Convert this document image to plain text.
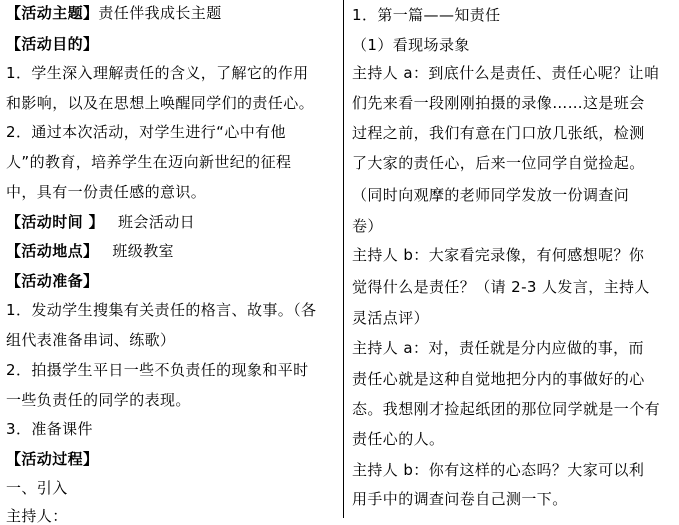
【活动主题】责任伴我成长主题
【活动目的】
1．学生深入理解责任的含义，了解它的作用
和影响，以及在思想上唤醒同学们的责任心。
2．通过本次活动，对学生进行“心中有他
人”的教育，培养学生在迈向新世纪的征程
中，具有一份责任感的意识。
【活动时间 】 班会活动日
【活动地点】 班级教室
【活动准备】
1．发动学生搜集有关责任的格言、故事。（各
组代表准备串词、练歌）
2．拍摄学生平日一些不负责任的现象和平时
一些负责任的同学的表现。
3．准备课件
【活动过程】
一、引入
主持人：
1．第一篇——知责任
（1）看现场录象
主持人 a：到底什么是责任、责任心呢？让咱
们先来看一段刚刚拍摄的录像……这是班会
过程之前，我们有意在门口放几张纸，检测
了大家的责任心，后来一位同学自觉捡起。
（同时向观摩的老师同学发放一份调查问
卷）
主持人 b：大家看完录像，有何感想呢？你
觉得什么是责任？（请 2-3 人发言，主持人
灵活点评）
主持人 a：对，责任就是分内应做的事，而
责任心就是这种自觉地把分内的事做好的心
态。我想刚才捡起纸团的那位同学就是一个有
责任心的人。
主持人 b：你有这样的心态吗？大家可以利
用手中的调查问卷自己测一下。
